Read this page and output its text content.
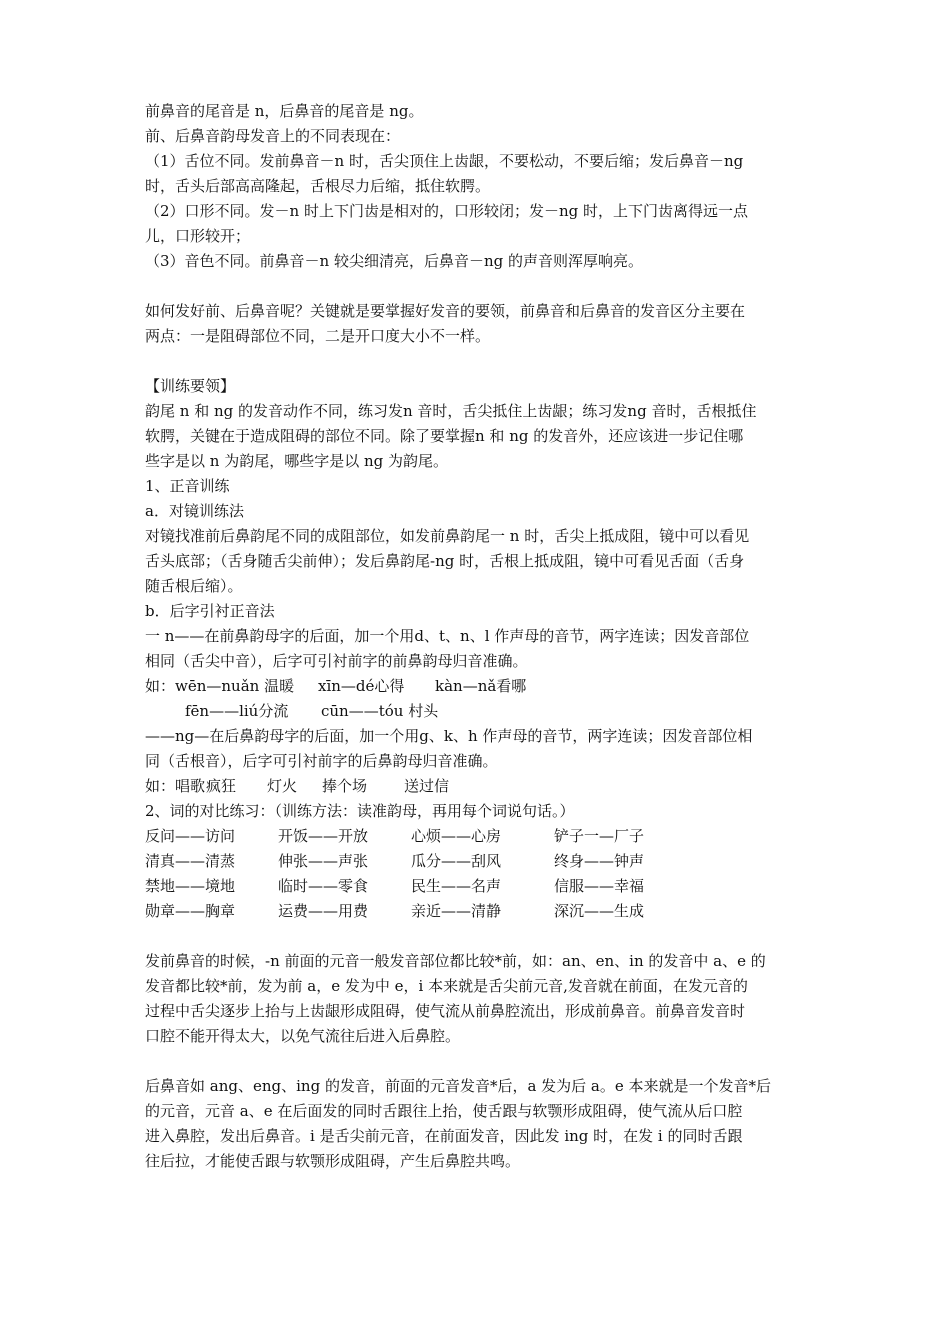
前鼻音的尾音是 n，后鼻音的尾音是 ng。
前、后鼻音韵母发音上的不同表现在：
（1）舌位不同。发前鼻音－n 时，舌尖顶住上齿龈，不要松动，不要后缩；发后鼻音－ng
时，舌头后部高高隆起，舌根尽力后缩，抵住软腭。
（2）口形不同。发－n 时上下门齿是相对的，口形较闭；发－ng 时，上下门齿离得远一点
儿，口形较开；
（3）音色不同。前鼻音－n 较尖细清亮，后鼻音－ng 的声音则浑厚响亮。
如何发好前、后鼻音呢？关键就是要掌握好发音的要领，前鼻音和后鼻音的发音区分主要在
两点：一是阻碍部位不同，二是开口度大小不一样。
【训练要领】
韵尾 n 和 ng 的发音动作不同，练习发n 音时，舌尖抵住上齿龈；练习发ng 音时，舌根抵住
软腭，关键在于造成阻碍的部位不同。除了要掌握n 和 ng 的发音外，还应该进一步记住哪
些字是以 n 为韵尾，哪些字是以 ng 为韵尾。
1、正音训练
a．对镜训练法
对镜找准前后鼻韵尾不同的成阻部位，如发前鼻韵尾一 n 时，舌尖上抵成阻，镜中可以看见
舌头底部；（舌身随舌尖前伸）；发后鼻韵尾-ng 时，舌根上抵成阻，镜中可看见舌面（舌身
随舌根后缩）。
b．后字引衬正音法
一 n——在前鼻韵母字的后面，加一个用d、t、n、l 作声母的音节，两字连读；因发音部位
相同（舌尖中音），后字可引衬前字的前鼻韵母归音准确。
如：wēn—nuǎn 温暖	xīn—dé心得	kàn—nǎ看哪
fēn——liú分流	cūn——tóu 村头
——ng—在后鼻韵母字的后面，加一个用g、k、h 作声母的音节，两字连读；因发音部位相
同（舌根音），后字可引衬前字的后鼻韵母归音准确。
如：唱歌 疯狂	灯火	捧个场	送过信
2、词的对比练习：（训练方法：读准韵母，再用每个词说句话。）
反问——访问	开饭——开放	心烦——心房	铲子一—厂子
清真——清蒸	伸张——声张	瓜分——刮风	终身——钟声
禁地——境地	临时——零食	民生——名声	信服——幸福
勋章——胸章	运费——用费	亲近——清静	深沉——生成
发前鼻音的时候，-n 前面的元音一般发音部位都比较*前，如：an、en、in 的发音中 a、e 的
发音都比较*前，发为前 a，e 发为中 e，i 本来就是舌尖前元音,发音就在前面，在发元音的
过程中舌尖逐步上抬与上齿龈形成阻碍，使气流从前鼻腔流出，形成前鼻音。前鼻音发音时
口腔不能开得太大，以免气流往后进入后鼻腔。
后鼻音如 ang、eng、ing 的发音，前面的元音发音*后，a 发为后 a。e 本来就是一个发音*后
的元音，元音 a、e 在后面发的同时舌跟往上抬，使舌跟与软颚形成阻碍，使气流从后口腔
进入鼻腔，发出后鼻音。i 是舌尖前元音，在前面发音，因此发 ing 时，在发 i 的同时舌跟
往后拉，才能使舌跟与软颚形成阻碍，产生后鼻腔共鸣。
